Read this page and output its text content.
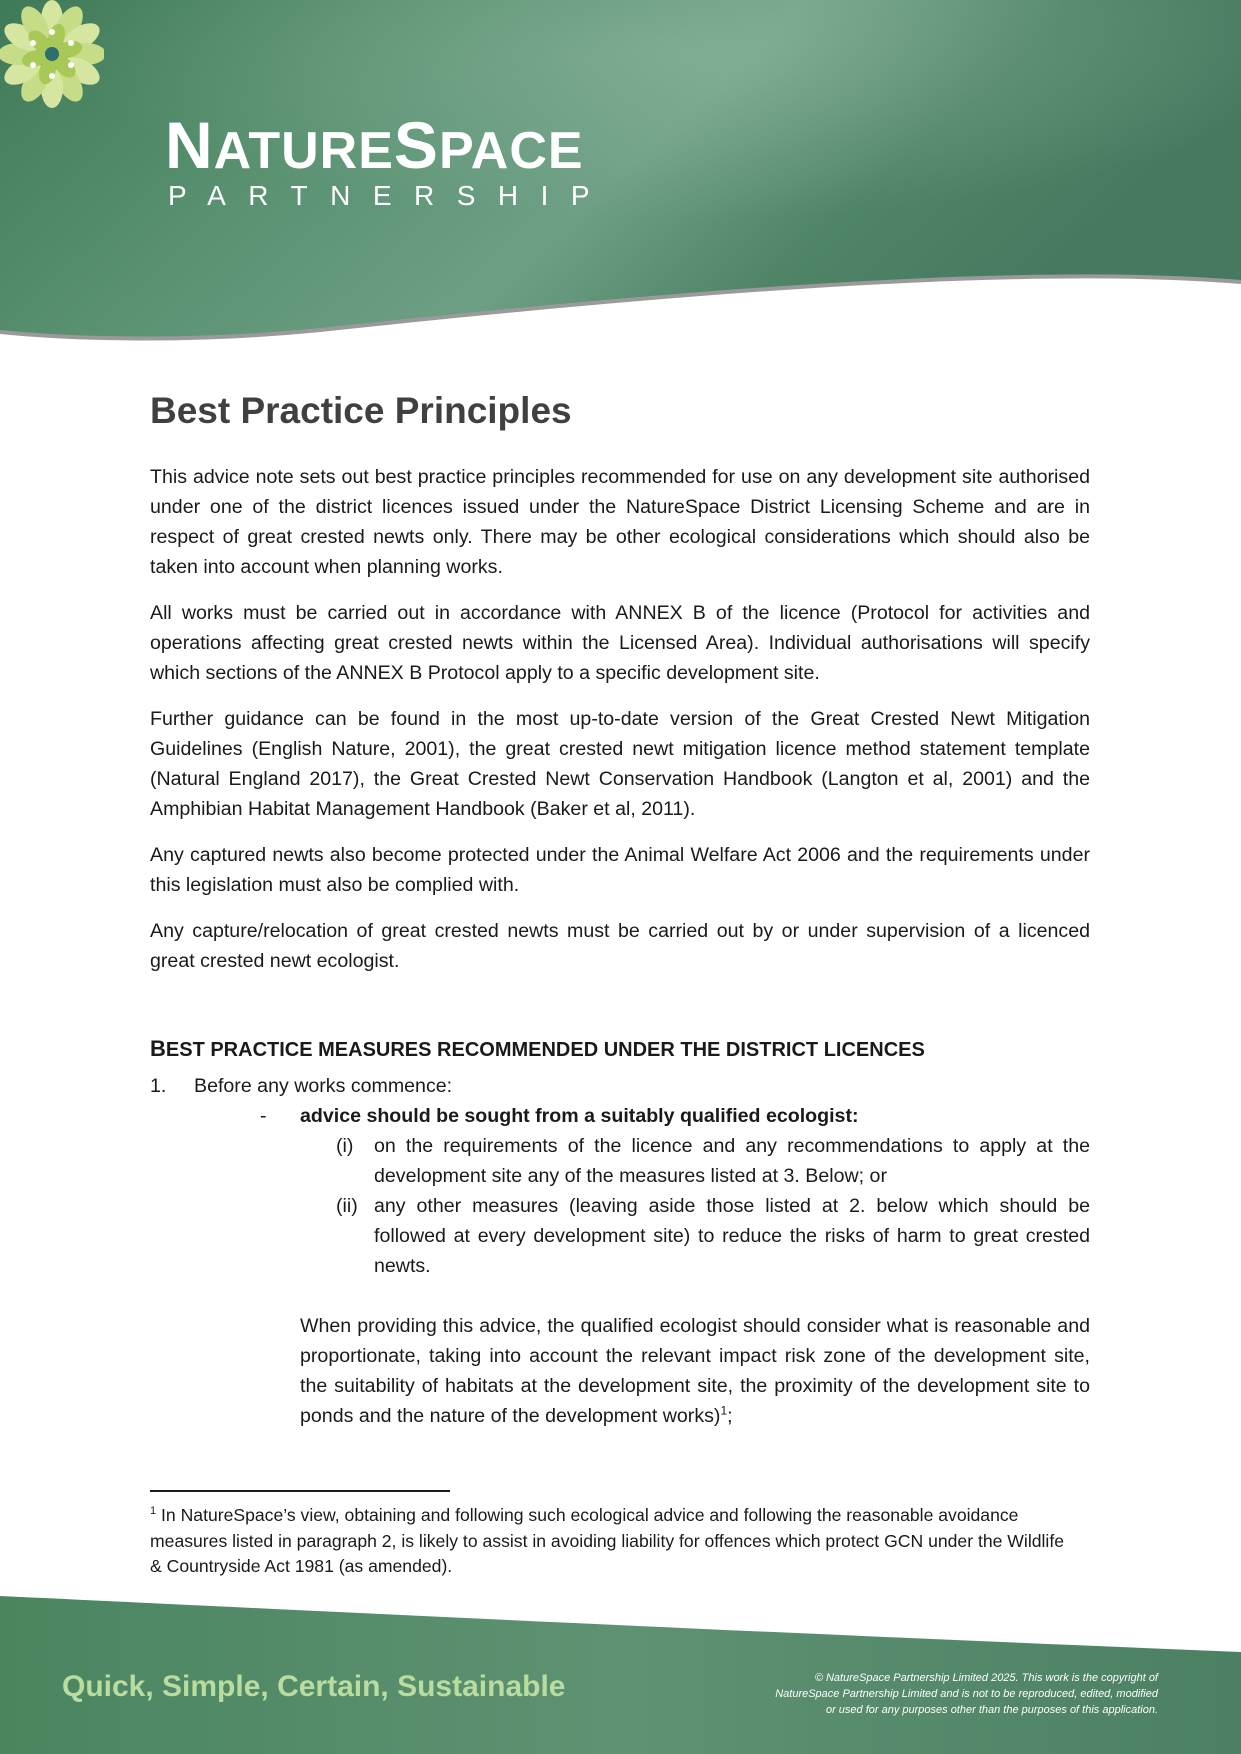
NATURESPACE
PARTNERSHIP
Best Practice Principles

This advice note sets out best practice principles recommended for use on any development site authorised under one of the district licences issued under the NatureSpace District Licensing Scheme and are in respect of great crested newts only. There may be other ecological considerations which should also be taken into account when planning works.

All works must be carried out in accordance with ANNEX B of the licence (Protocol for activities and operations affecting great crested newts within the Licensed Area). Individual authorisations will specify which sections of the ANNEX B Protocol apply to a specific development site.

Further guidance can be found in the most up-to-date version of the Great Crested Newt Mitigation Guidelines (English Nature, 2001), the great crested newt mitigation licence method statement template (Natural England 2017), the Great Crested Newt Conservation Handbook (Langton et al, 2001) and the Amphibian Habitat Management Handbook (Baker et al, 2011).

Any captured newts also become protected under the Animal Welfare Act 2006 and the requirements under this legislation must also be complied with.

Any capture/relocation of great crested newts must be carried out by or under supervision of a licenced great crested newt ecologist.

BEST PRACTICE MEASURES RECOMMENDED UNDER THE DISTRICT LICENCES
1.	Before any works commence:
-	advice should be sought from a suitably qualified ecologist:
(i)	on the requirements of the licence and any recommendations to apply at the development site any of the measures listed at 3. Below; or
(ii) any other measures (leaving aside those listed at 2. below which should be followed at every development site) to reduce the risks of harm to great crested newts.

When providing this advice, the qualified ecologist should consider what is reasonable and proportionate, taking into account the relevant impact risk zone of the development site, the suitability of habitats at the development site, the proximity of the development site to ponds and the nature of the development works)$^1$;

$^1$ In NatureSpace’s view, obtaining and following such ecological advice and following the reasonable avoidance measures listed in paragraph 2, is likely to assist in avoiding liability for offences which protect GCN under the Wildlife & Countryside Act 1981 (as amended).
Quick, Simple, Certain, Sustainable	© NatureSpace Partnership Limited 2025. This work is the copyright of
NatureSpace Partnership Limited and is not to be reproduced, edited, modified
or used for any purposes other than the purposes of this application.
